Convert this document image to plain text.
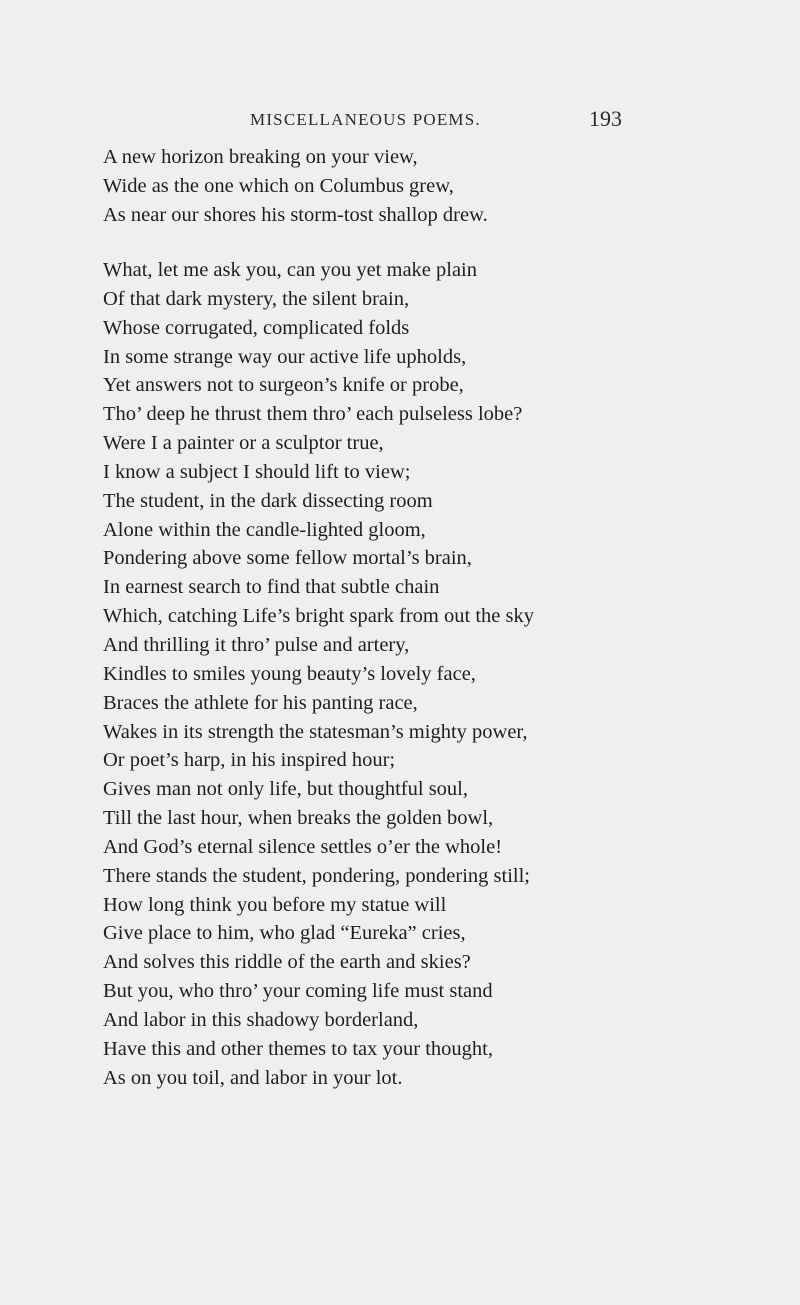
MISCELLANEOUS POEMS.	193
A new horizon breaking on your view,
Wide as the one which on Columbus grew,
As near our shores his storm-tost shallop drew.
What, let me ask you, can you yet make plain
Of that dark mystery, the silent brain,
Whose corrugated, complicated folds
In some strange way our active life upholds,
Yet answers not to surgeon’s knife or probe,
Tho’ deep he thrust them thro’ each pulseless lobe?
Were I a painter or a sculptor true,
I know a subject I should lift to view;
The student, in the dark dissecting room
Alone within the candle-lighted gloom,
Pondering above some fellow mortal’s brain,
In earnest search to find that subtle chain
Which, catching Life’s bright spark from out the sky
And thrilling it thro’ pulse and artery,
Kindles to smiles young beauty’s lovely face,
Braces the athlete for his panting race,
Wakes in its strength the statesman’s mighty power,
Or poet’s harp, in his inspired hour;
Gives man not only life, but thoughtful soul,
Till the last hour, when breaks the golden bowl,
And God’s eternal silence settles o’er the whole!
There stands the student, pondering, pondering still;
How long think you before my statue will
Give place to him, who glad “Eureka” cries,
And solves this riddle of the earth and skies?
But you, who thro’ your coming life must stand
And labor in this shadowy borderland,
Have this and other themes to tax your thought,
As on you toil, and labor in your lot.
